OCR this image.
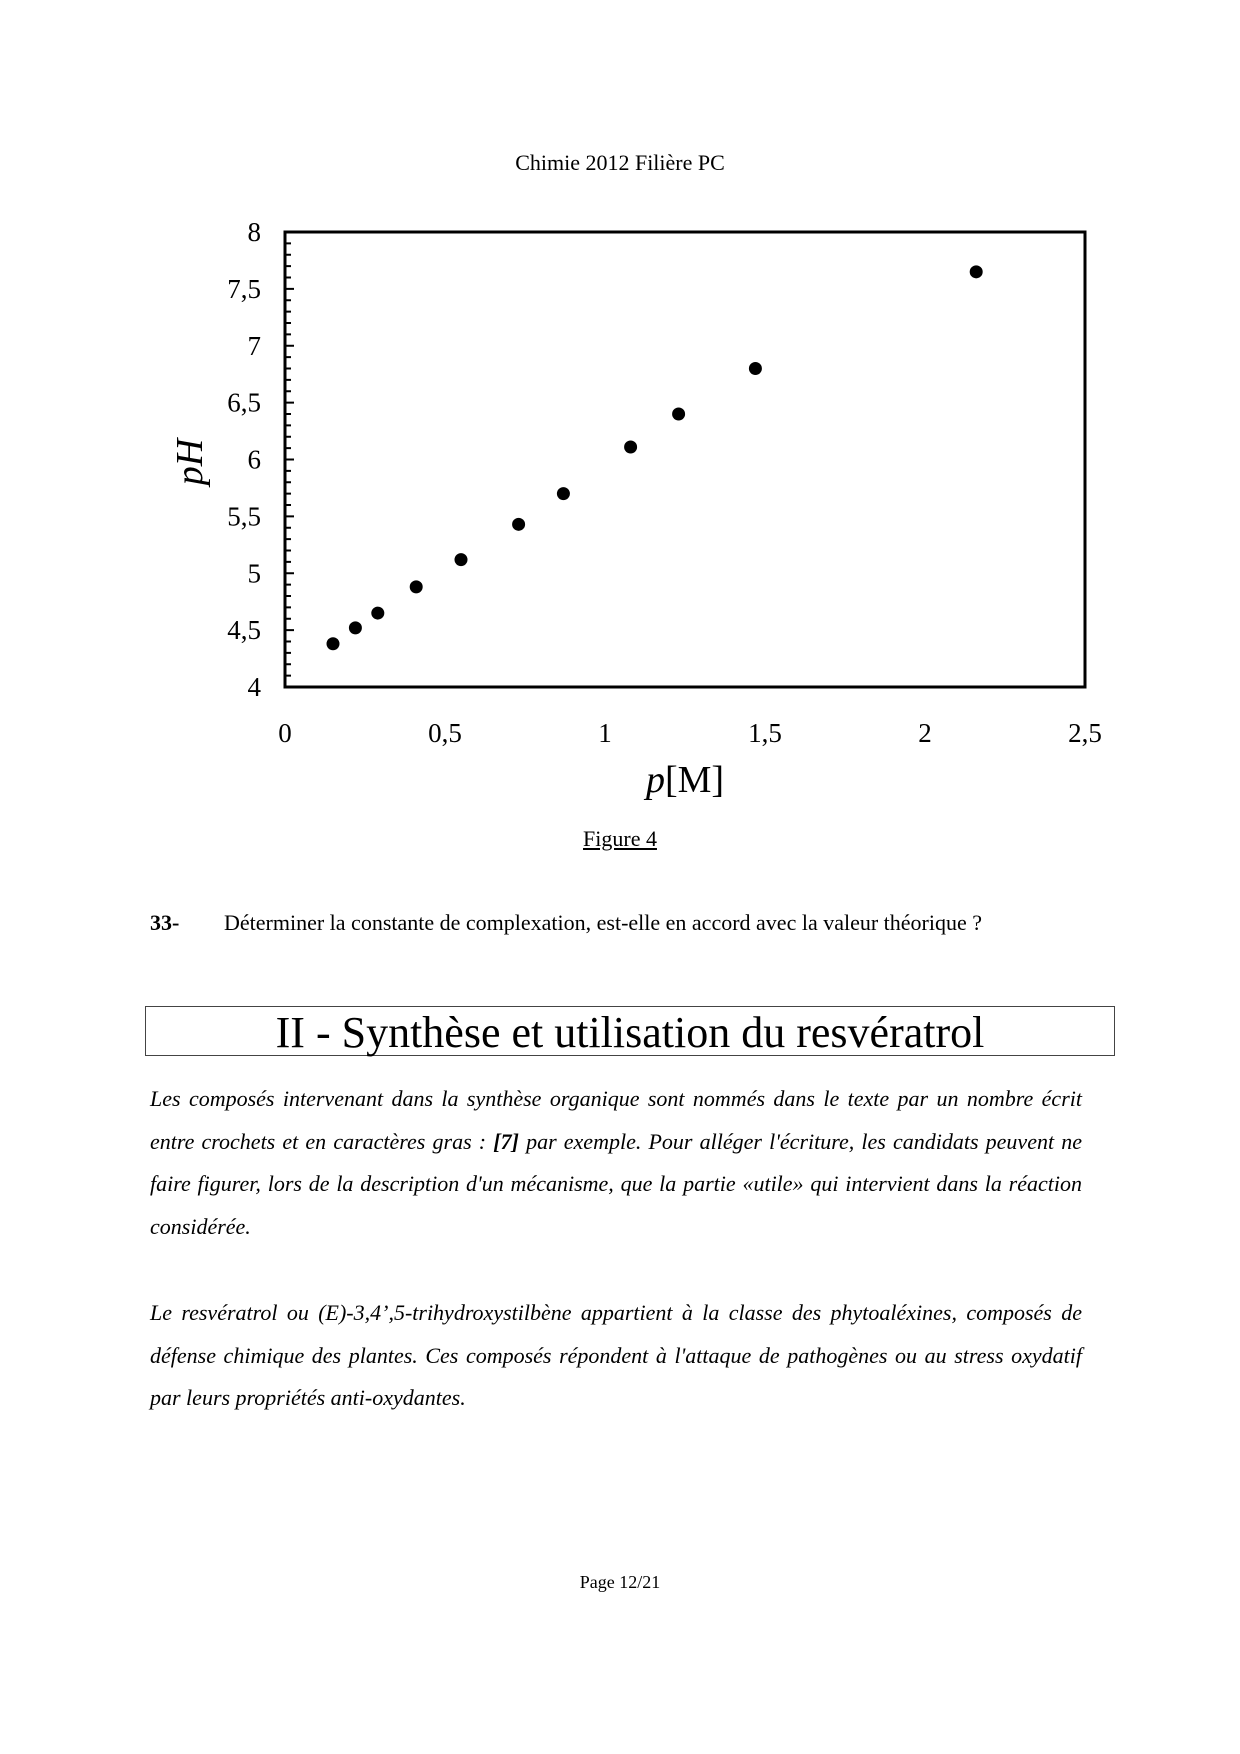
Chimie 2012 Filière PC
4
4,5
5
5,5
6
6,5
7
7,5
8
0	0,5	1	1,5	2	2,5
pH
p[M]
Figure 4
33- Déterminer la constante de complexation, est-elle en accord avec la valeur théorique ?
II - Synthèse et utilisation du resvératrol
Les composés intervenant dans la synthèse organique sont nommés dans le texte par un nombre écrit entre crochets et en caractères gras : [7] par exemple. Pour alléger l'écriture, les candidats peuvent ne faire figurer, lors de la description d'un mécanisme, que la partie «utile» qui intervient dans la réaction considérée.
Le resvératrol ou (E)-3,4’,5-trihydroxystilbène appartient à la classe des phytoaléxines, composés de défense chimique des plantes. Ces composés répondent à l'attaque de pathogènes ou au stress oxydatif par leurs propriétés anti-oxydantes.
Page 12/21
